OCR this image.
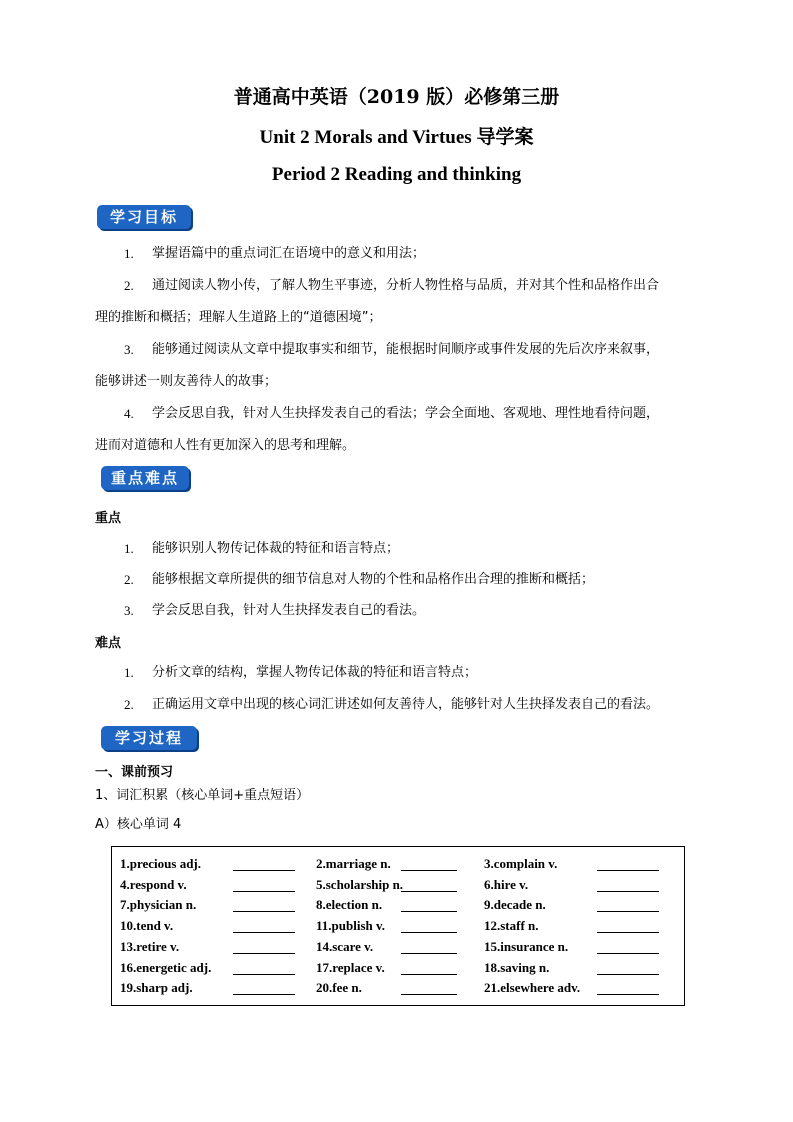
普通高中英语（2019 版）必修第三册
Unit 2 Morals and Virtues 导学案
Period 2 Reading and thinking
学习目标
1. 掌握语篇中的重点词汇在语境中的意义和用法；
2. 通过阅读人物小传，了解人物生平事迹，分析人物性格与品质，并对其个性和品格作出合
理的推断和概括；理解人生道路上的“道德困境”；
3. 能够通过阅读从文章中提取事实和细节，能根据时间顺序或事件发展的先后次序来叙事，
能够讲述一则友善待人的故事；
4. 学会反思自我，针对人生抉择发表自己的看法；学会全面地、客观地、理性地看待问题，
进而对道德和人性有更加深入的思考和理解。
重点难点
重点
1. 能够识别人物传记体裁的特征和语言特点；
2. 能够根据文章所提供的细节信息对人物的个性和品格作出合理的推断和概括；
3. 学会反思自我，针对人生抉择发表自己的看法。
难点
1. 分析文章的结构，掌握人物传记体裁的特征和语言特点；
2. 正确运用文章中出现的核心词汇讲述如何友善待人，能够针对人生抉择发表自己的看法。
学习过程
一、课前预习
1、词汇积累（核心单词+重点短语）
A）核心单词 4
1.precious adj.	2.marriage n.	3.complain v.
4.respond v.	5.scholarship n.	6.hire v.
7.physician n.	8.election n.	9.decade n.
10.tend v.	11.publish v.	12.staff n.
13.retire v.	14.scare v.	15.insurance n.
16.energetic adj.	17.replace v.	18.saving n.
19.sharp adj.	20.fee n.	21.elsewhere adv.
